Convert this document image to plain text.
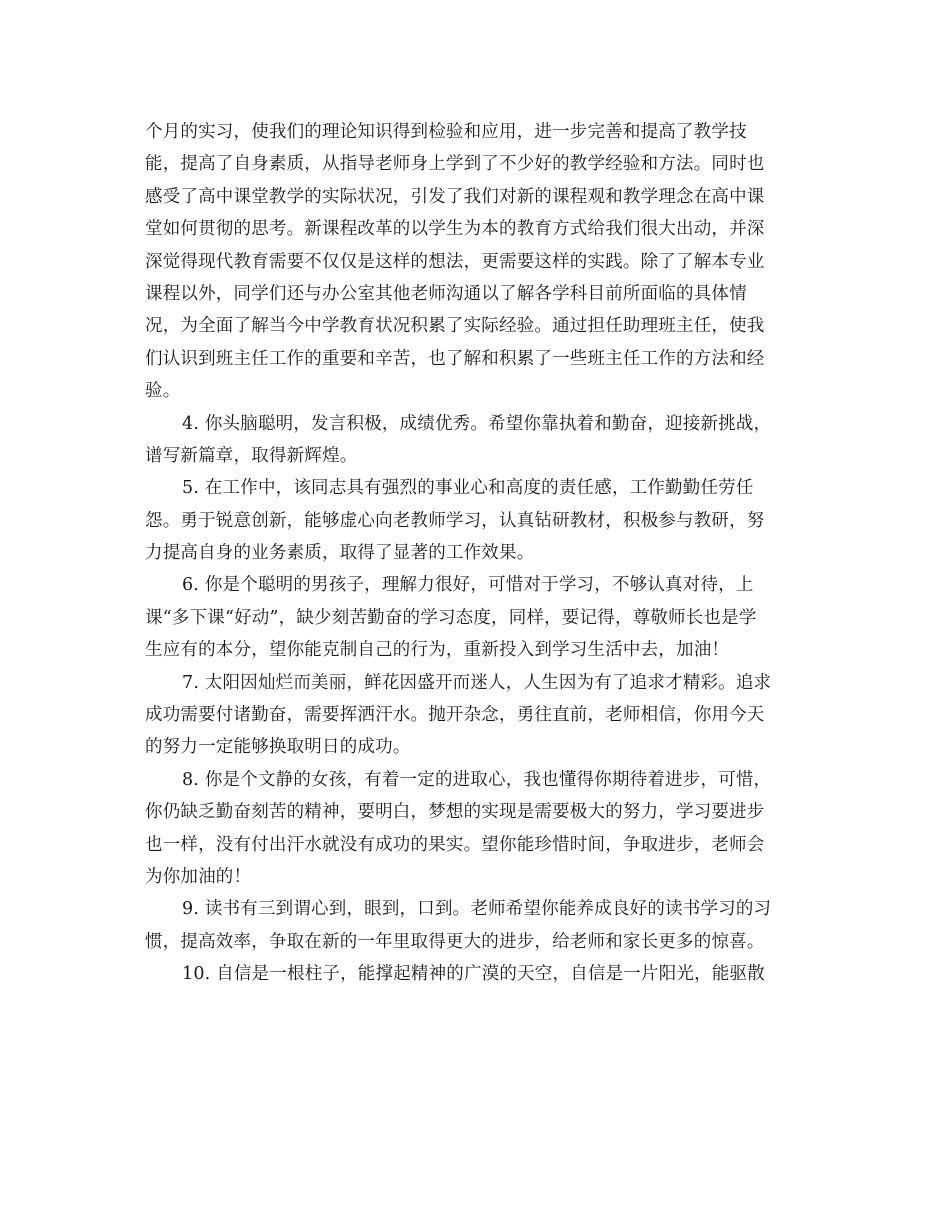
个月的实习，使我们的理论知识得到检验和应用，进一步完善和提高了教学技
能，提高了自身素质，从指导老师身上学到了不少好的教学经验和方法。同时也
感受了高中课堂教学的实际状况，引发了我们对新的课程观和教学理念在高中课
堂如何贯彻的思考。新课程改革的以学生为本的教育方式给我们很大出动，并深
深觉得现代教育需要不仅仅是这样的想法，更需要这样的实践。除了了解本专业
课程以外，同学们还与办公室其他老师沟通以了解各学科目前所面临的具体情
况，为全面了解当今中学教育状况积累了实际经验。通过担任助理班主任，使我
们认识到班主任工作的重要和辛苦，也了解和积累了一些班主任工作的方法和经
验。
4. 你头脑聪明，发言积极，成绩优秀。希望你靠执着和勤奋，迎接新挑战，
谱写新篇章，取得新辉煌。
5. 在工作中，该同志具有强烈的事业心和高度的责任感，工作勤勤任劳任
怨。勇于锐意创新，能够虚心向老教师学习，认真钻研教材，积极参与教研，努
力提高自身的业务素质，取得了显著的工作效果。
6. 你是个聪明的男孩子，理解力很好，可惜对于学习，不够认真对待，上
课“多下课“好动”，缺少刻苦勤奋的学习态度，同样，要记得，尊敬师长也是学
生应有的本分，望你能克制自己的行为，重新投入到学习生活中去，加油！
7. 太阳因灿烂而美丽，鲜花因盛开而迷人，人生因为有了追求才精彩。追求
成功需要付诸勤奋，需要挥洒汗水。抛开杂念，勇往直前，老师相信，你用今天
的努力一定能够换取明日的成功。
8. 你是个文静的女孩，有着一定的进取心，我也懂得你期待着进步，可惜，
你仍缺乏勤奋刻苦的精神，要明白，梦想的实现是需要极大的努力，学习要进步
也一样，没有付出汗水就没有成功的果实。望你能珍惜时间，争取进步，老师会
为你加油的！
9. 读书有三到谓心到，眼到，口到。老师希望你能养成良好的读书学习的习
惯，提高效率，争取在新的一年里取得更大的进步，给老师和家长更多的惊喜。
10. 自信是一根柱子，能撑起精神的广漠的天空，自信是一片阳光，能驱散
